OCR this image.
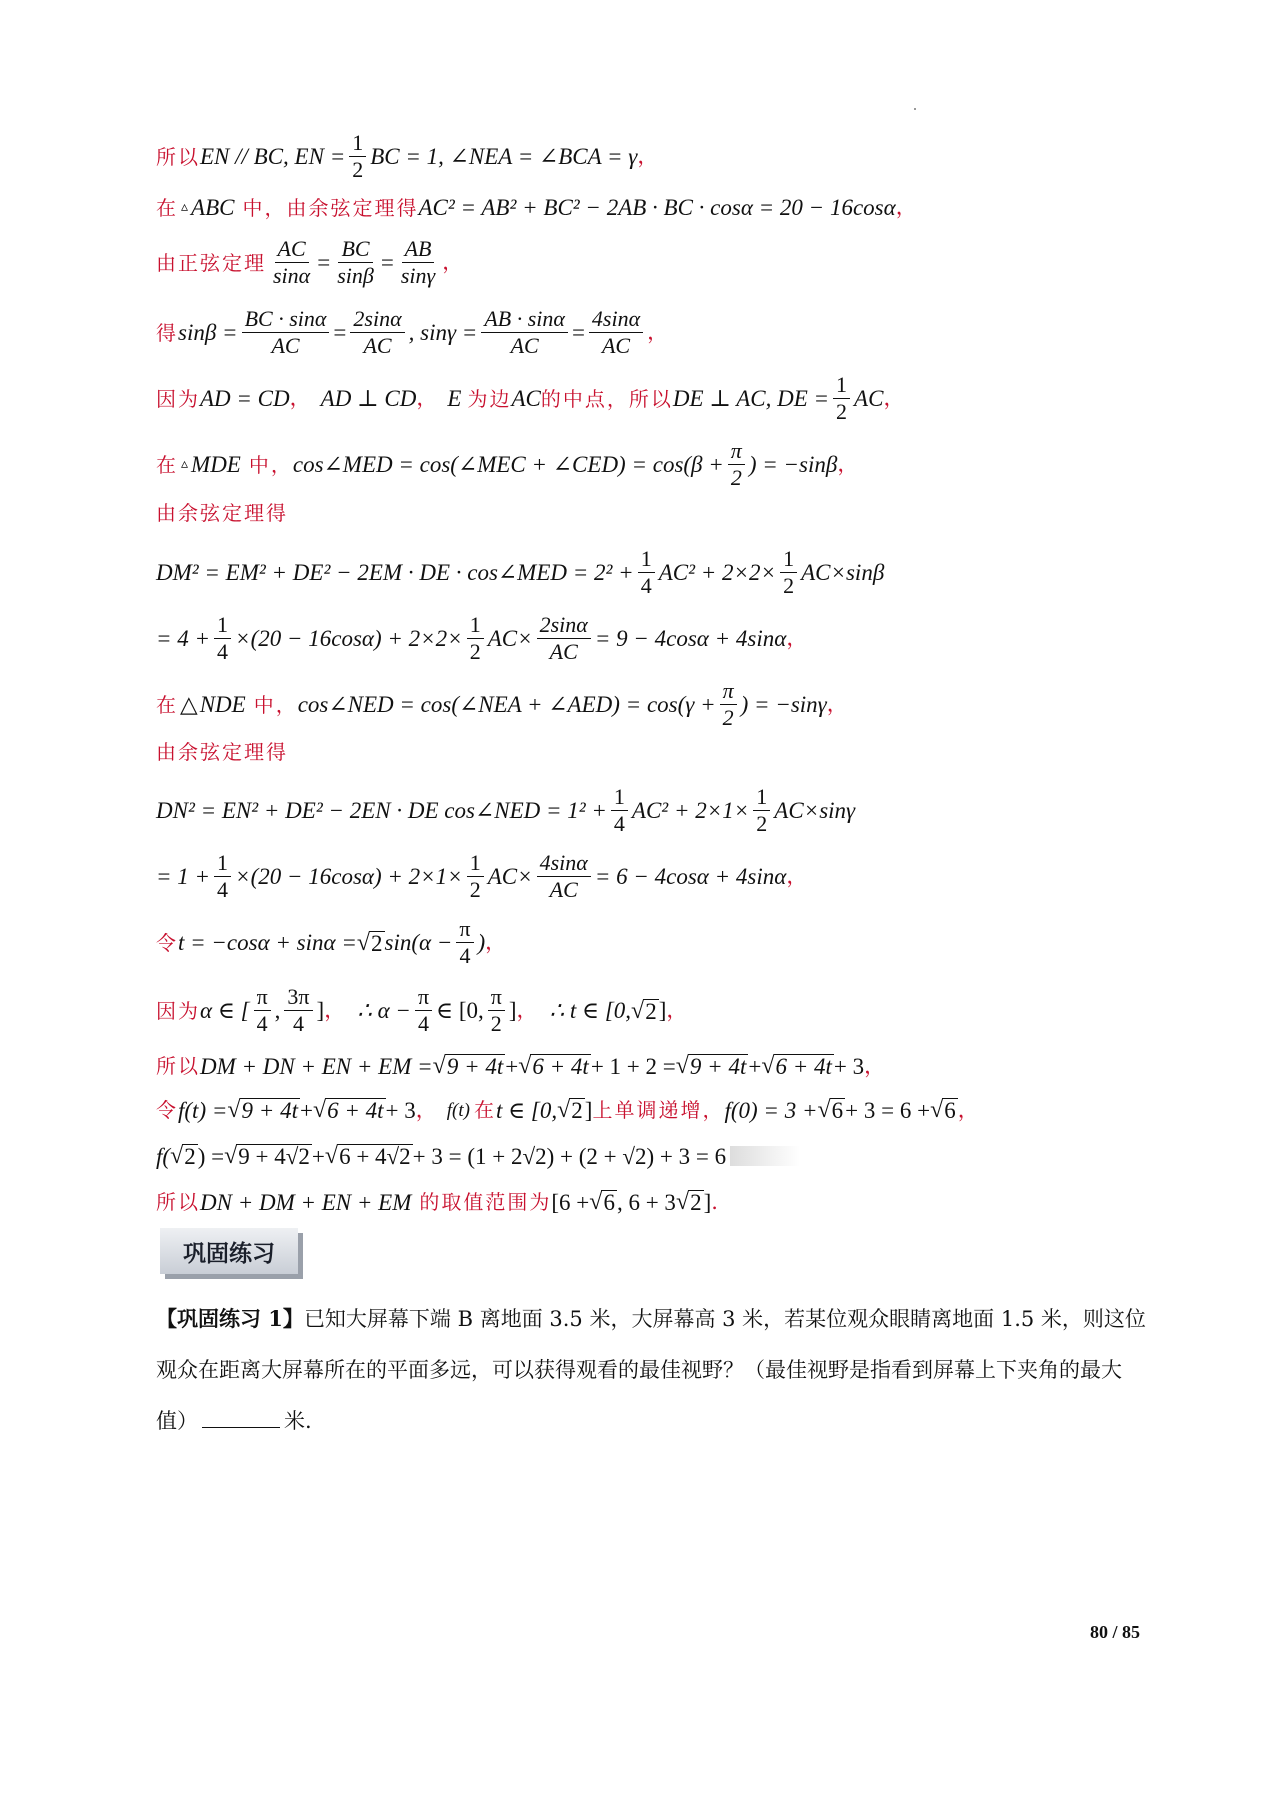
所以 EN // BC, EN = $\frac{1}{2}$ BC = 1, ∠NEA = ∠BCA = γ ，
在 ▵ ABC 中，由余弦定理得 AC² = AB² + BC² − 2AB · BC · cosα = 20 − 16cosα ，
由正弦定理 $\frac{AC}{\sin\alpha} = \frac{BC}{\sin\beta} = \frac{AB}{\sin\gamma}$ ，
得 $\sin\beta = \frac{BC \cdot \sin\alpha}{AC} = \frac{2\sin\alpha}{AC}$ , $\sin\gamma = \frac{AB \cdot \sin\alpha}{AC} = \frac{4\sin\alpha}{AC}$ ，
因为 AD = CD ， AD ⊥ CD ， E 为边 AC 的中点，所以 DE ⊥ AC, DE = $\frac{1}{2}$ AC ，
在 ▵ MDE 中， cos∠MED = cos(∠MEC + ∠CED) = $\cos(\beta + \frac{\pi}{2}$ ) = −sinβ ，
由余弦定理得
DM² = EM² + DE² − 2EM · DE · cos∠MED = $2^2 + \frac{1}{4} AC^2 + 2\times 2\times \frac{1}{2} AC\times\sin\beta$
= $4 + \frac{1}{4} \times(20 - 16\cos\alpha) + 2\times 2\times \frac{1}{2} AC\times \frac{2\sin\alpha}{AC} = 9 - 4\cos\alpha + 4\sin\alpha$ ，
在 △ NDE 中， cos∠NED = cos(∠NEA + ∠AED) = $\cos(\gamma + \frac{\pi}{2}$ ) = −sinγ ，
由余弦定理得
DN² = EN² + DE² − 2EN · DE cos∠NED = $1^2 + \frac{1}{4} AC^2 + 2\times 1\times \frac{1}{2} AC\times\sin\gamma$
= $1 + \frac{1}{4} \times(20 - 16\cos\alpha) + 2\times 1\times \frac{1}{2} AC\times \frac{4\sin\alpha}{AC} = 6 - 4\cos\alpha + 4\sin\alpha$ ，
令 t = −cosα + sinα = √ 2 $\sin(\alpha - \frac{\pi}{4}$ ) ，
因为 α ∈ [ $\frac{\pi}{4}$ , $\frac{3\pi}{4}$ ] ， ∴ $\alpha - \frac{\pi}{4}$ ∈ [0, $\frac{\pi}{2}$ ] ， ∴ t ∈ [0, √ 2 ] ，
所以 DM + DN + EN + EM = √ 9 + 4t + √ 6 + 4t + 1 + 2 = √ 9 + 4t + √ 6 + 4t + 3 ，
令 f(t) = √ 9 + 4t + √ 6 + 4t + 3 ， f(t) 在 t ∈ [0, √ 2 ] 上单调递增， f(0) = 3 + √ 6 + 3 = 6 + √ 6 ，
f( √ 2 ) = √ 9 + 4√2 + √ 6 + 4√2 + 3 = (1 + 2√2) + (2 + √2) + 3 = 6
所以 DN + DM + EN + EM 的取值范围为 [6 + √ 6 , 6 + 3 √ 2 ] .
巩固练习
【巩固练习 1】已知大屏幕下端 B 离地面 3.5 米，大屏幕高 3 米，若某位观众眼睛离地面 1.5 米，则这位观众在距离大屏幕所在的平面多远，可以获得观看的最佳视野？（最佳视野是指看到屏幕上下夹角的最大值）	米.
80 / 85
